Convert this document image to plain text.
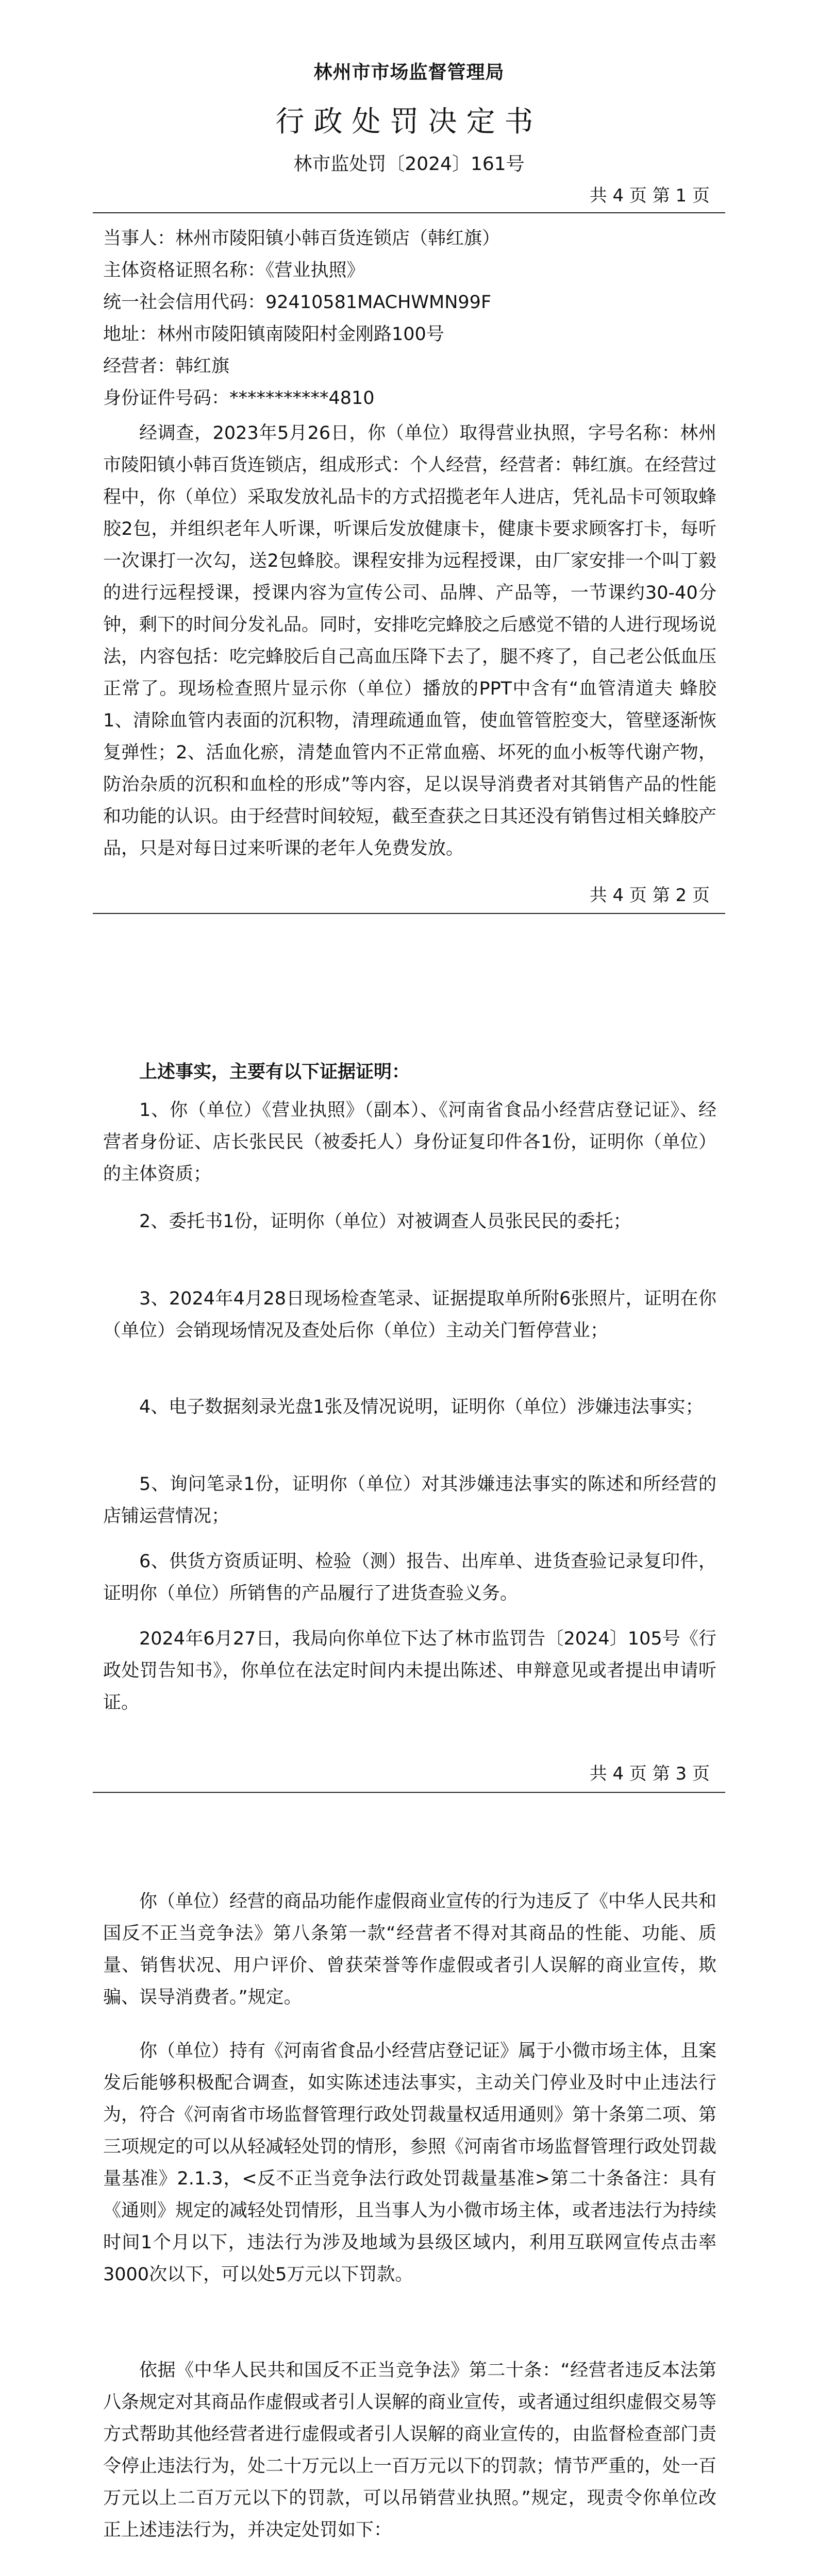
林州市市场监督管理局
行政处罚决定书
林市监处罚〔2024〕161号
共 4 页 第 1 页
当事人：林州市陵阳镇小韩百货连锁店（韩红旗）
主体资格证照名称：《营业执照》
统一社会信用代码：92410581MACHWMN99F
地址：林州市陵阳镇南陵阳村金刚路100号
经营者：韩红旗
身份证件号码：***********4810
经调查，2023年5月26日，你（单位）取得营业执照，字号名称：林州市陵阳镇小韩百货连锁店，组成形式：个人经营，经营者：韩红旗。在经营过程中，你（单位）采取发放礼品卡的方式招揽老年人进店，凭礼品卡可领取蜂胶2包，并组织老年人听课，听课后发放健康卡，健康卡要求顾客打卡，每听一次课打一次勾，送2包蜂胶。课程安排为远程授课，由厂家安排一个叫丁毅的进行远程授课，授课内容为宣传公司、品牌、产品等，一节课约30-40分钟，剩下的时间分发礼品。同时，安排吃完蜂胶之后感觉不错的人进行现场说法，内容包括：吃完蜂胶后自己高血压降下去了，腿不疼了，自己老公低血压正常了。现场检查照片显示你（单位）播放的PPT中含有“血管清道夫 蜂胶 1、清除血管内表面的沉积物，清理疏通血管，使血管管腔变大，管壁逐渐恢复弹性；2、活血化瘀，清楚血管内不正常血癌、坏死的血小板等代谢产物，防治杂质的沉积和血栓的形成”等内容，足以误导消费者对其销售产品的性能和功能的认识。由于经营时间较短，截至查获之日其还没有销售过相关蜂胶产品，只是对每日过来听课的老年人免费发放。
共 4 页 第 2 页
上述事实，主要有以下证据证明：
1、你（单位）《营业执照》（副本）、《河南省食品小经营店登记证》、经营者身份证、店长张民民（被委托人）身份证复印件各1份，证明你（单位）的主体资质；
2、委托书1份，证明你（单位）对被调查人员张民民的委托；
3、2024年4月28日现场检查笔录、证据提取单所附6张照片，证明在你（单位）会销现场情况及查处后你（单位）主动关门暂停营业；
4、电子数据刻录光盘1张及情况说明，证明你（单位）涉嫌违法事实；
5、询问笔录1份，证明你（单位）对其涉嫌违法事实的陈述和所经营的店铺运营情况；
6、供货方资质证明、检验（测）报告、出库单、进货查验记录复印件，证明你（单位）所销售的产品履行了进货查验义务。
2024年6月27日，我局向你单位下达了林市监罚告〔2024〕105号《行政处罚告知书》，你单位在法定时间内未提出陈述、申辩意见或者提出申请听证。
共 4 页 第 3 页
你（单位）经营的商品功能作虚假商业宣传的行为违反了《中华人民共和国反不正当竞争法》第八条第一款“经营者不得对其商品的性能、功能、质量、销售状况、用户评价、曾获荣誉等作虚假或者引人误解的商业宣传，欺骗、误导消费者。”规定。
你（单位）持有《河南省食品小经营店登记证》属于小微市场主体，且案发后能够积极配合调查，如实陈述违法事实，主动关门停业及时中止违法行为，符合《河南省市场监督管理行政处罚裁量权适用通则》第十条第二项、第三项规定的可以从轻减轻处罚的情形，参照《河南省市场监督管理行政处罚裁量基准》2.1.3，<反不正当竞争法行政处罚裁量基准>第二十条备注：具有《通则》规定的减轻处罚情形，且当事人为小微市场主体，或者违法行为持续时间1个月以下，违法行为涉及地域为县级区域内，利用互联网宣传点击率3000次以下，可以处5万元以下罚款。
依据《中华人民共和国反不正当竞争法》第二十条：“经营者违反本法第八条规定对其商品作虚假或者引人误解的商业宣传，或者通过组织虚假交易等方式帮助其他经营者进行虚假或者引人误解的商业宣传的，由监督检查部门责令停止违法行为，处二十万元以上一百万元以下的罚款；情节严重的，处一百万元以上二百万元以下的罚款，可以吊销营业执照。”规定，现责令你单位改正上述违法行为，并决定处罚如下：
